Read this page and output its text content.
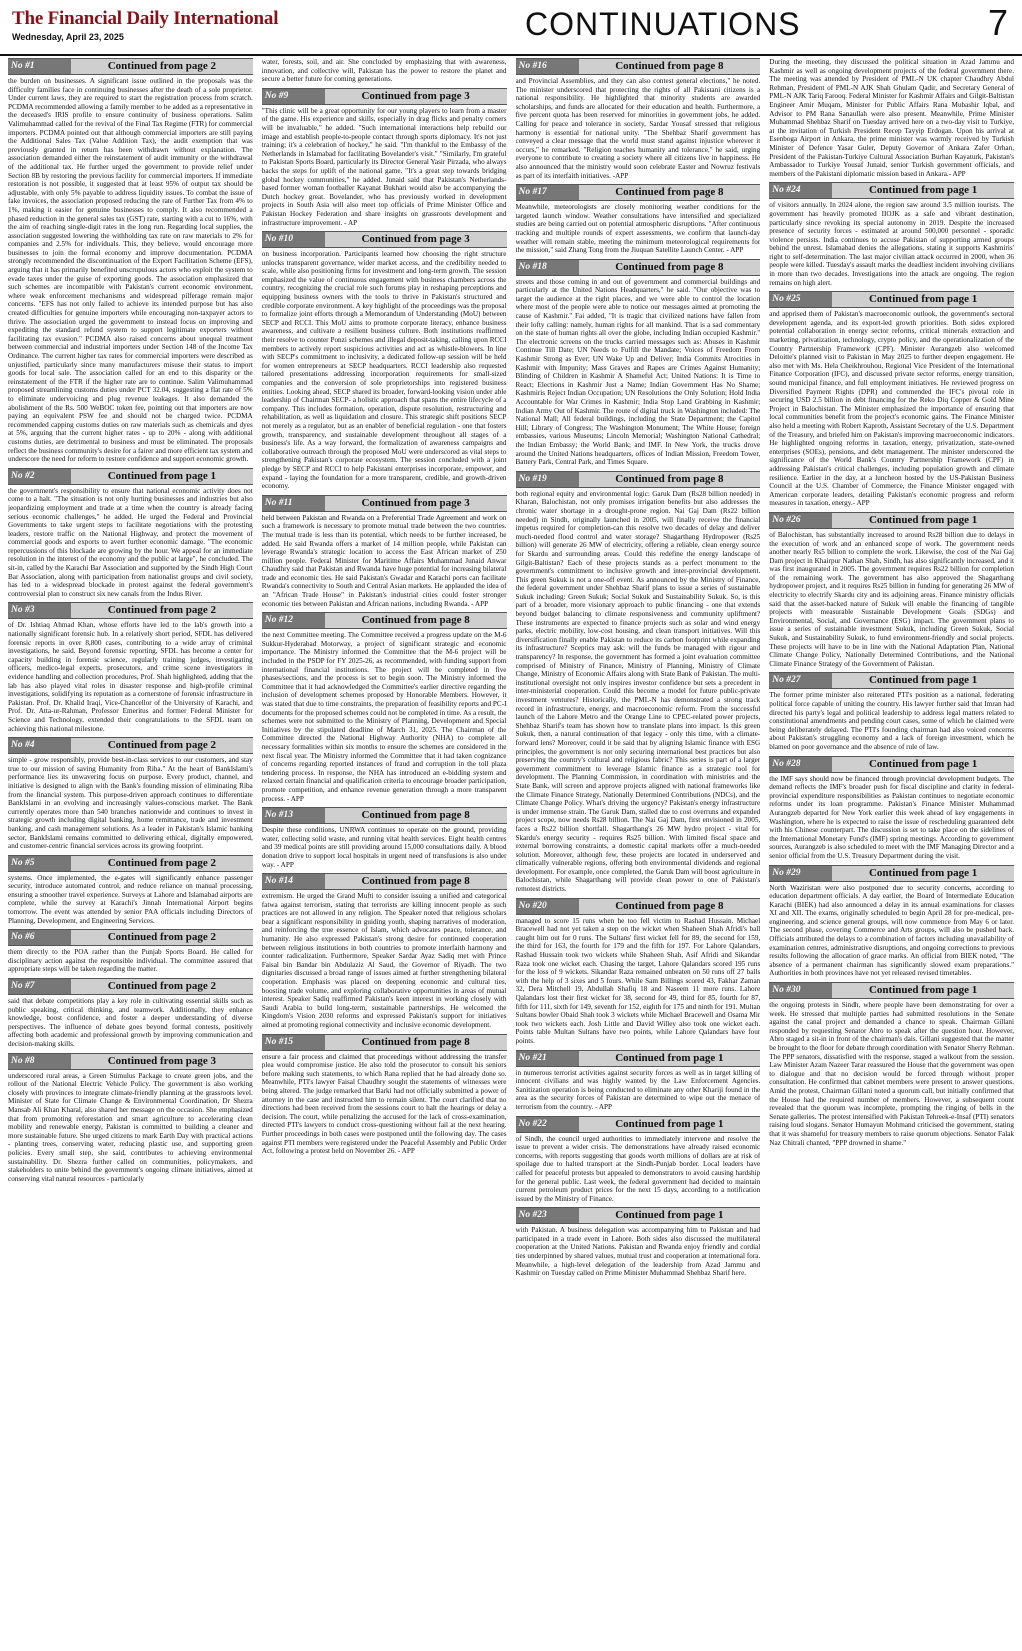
The Financial Daily International
Wednesday, April 23, 2025	CONTINUATIONS	7
No #1	Continued from page 2

the burden on businesses. A significant issue outlined in the proposals was the difficulty families face in continuing businesses after the death of a sole proprietor. Under current laws, they are required to start the registration process from scratch. PCDMA recommended allowing a family member to be added as a representative in the deceased's IRIS profile to ensure continuity of business operations. Salim Valimuhammad called for the revival of the Final Tax Regime (FTR) for commercial importers. PCDMA pointed out that although commercial importers are still paying the Additional Sales Tax (Value Addition Tax), the audit exemption that was previously granted in return has been withdrawn without explanation. The association demanded either the reinstatement of audit immunity or the withdrawal of the additional tax. He further urged the government to provide relief under Section 8B by restoring the previous facility for commercial importers. If immediate restoration is not possible, it suggested that at least 95% of output tax should be adjustable, with only 5% payable to address liquidity issues. To combat the issue of fake invoices, the association proposed reducing the rate of Further Tax from 4% to 1%, making it easier for genuine businesses to comply. It also recommended a phased reduction in the general sales tax (GST) rate, starting with a cut to 16%, with the aim of reaching single-digit rates in the long run. Regarding local supplies, the association suggested lowering the withholding tax rate on raw materials to 2% for companies and 2.5% for individuals. This, they believe, would encourage more businesses to join the formal economy and improve documentation. PCDMA strongly recommended the discontinuation of the Export Facilitation Scheme (EFS), arguing that it has primarily benefited unscrupulous actors who exploit the system to evade taxes under the guise of exporting goods. The association emphasized that such schemes are incompatible with Pakistan's current economic environment, where weak enforcement mechanisms and widespread pilferage remain major concerns. "EFS has not only failed to achieve its intended purpose but has also created difficulties for genuine importers while encouraging non-taxpayer actors to thrive. The association urged the government to instead focus on improving and expediting the standard refund system to support legitimate exporters without facilitating tax evasion." PCDMA also raised concerns about unequal treatment between commercial and industrial importers under Section 148 of the Income Tax Ordinance. The current higher tax rates for commercial importers were described as unjustified, particularly since many manufacturers misuse their status to import goods for local sale. The association called for an end to this disparity or the reinstatement of the FTR if the higher rate are to continue. Salim Valimuhammad proposed streamlining customs duties under PCT 32.04, suggesting a flat rate of 5% to eliminate undervoicing and plug revenue leakages. It also demanded the abolishment of the Rs. 500 WeBOC token fee, pointing out that importers are now paying an equivalent PSW fee and should not be charged twice. PCDMA recommended capping customs duties on raw materials such as chemicals and dyes at 5%, arguing that the current higher rates - up to 20% - along with additional customs duties, are detrimental to business and must be eliminated. The proposals reflect the business community's desire for a fairer and more efficient tax system and underscore the need for reform to restore confidence and support economic growth.

No #2	Continued from page 1

the government's responsibility to ensure that national economic activity does not come to a halt. "The situation is not only hurting businesses and industries but also jeopardizing employment and trade at a time when the country is already facing serious economic challenges," he added. He urged the Federal and Provincial Governments to take urgent steps to facilitate negotiations with the protesting leaders, restore traffic on the National Highway, and protect the movement of commercial goods and exports to avert further economic damage. "The economic repercussions of this blockade are growing by the hour. We appeal for an immediate resolution in the interest of the economy and the public at large", he concluded. The sit-in, called by the Karachi Bar Association and supported by the Sindh High Court Bar Association, along with participation from nationalist groups and civil society, has led to a widespread blockade in protest against the federal government's controversial plan to construct six new canals from the Indus River.

No #3	Continued from page 2

of Dr. Ishtiaq Ahmad Khan, whose efforts have led to the lab's growth into a nationally significant forensic hub. In a relatively short period, SFDL has delivered forensic reports in over 8,800 cases, contributing to a wide array of criminal investigations, he said. Beyond forensic reporting, SFDL has become a center for capacity building in forensic science, regularly training judges, investigating officers, medico-legal experts, prosecutors, and crime scene investigators in evidence handling and collection procedures, Prof. Shah highlighted, adding that the lab has also played vital roles in disaster response and high-profile criminal investigations, solidifying its reputation as a cornerstone of forensic infrastructure in Pakistan. Prof. Dr. Khalid Iraqi, Vice-Chancellor of the University of Karachi, and Prof. Dr. Atta-ur-Rahman, Professor Emeritus and former Federal Minister for Science and Technology, extended their congratulations to the SFDL team on achieving this national milestone.

No #4	Continued from page 2

simple - grow responsibly, provide best-in-class services to our customers, and stay true to our mission of saving Humanity from Riba." At the heart of BankIslami's performance lies its unwavering focus on purpose. Every product, channel, and initiative is designed to align with the Bank's founding mission of eliminating Riba from the financial system. This purpose-driven approach continues to differentiate BankIslami in an evolving and increasingly values-conscious market. The Bank currently operates more than 540 branches nationwide and continues to invest in strategic growth including digital banking, home remittance, trade and investment banking, and cash management solutions. As a leader in Pakistan's Islamic banking sector, BankIslami remains committed to delivering ethical, digitally empowered, and customer-centric financial services across its growing footprint.

No #5	Continued from page 2

systems. Once implemented, the e-gates will significantly enhance passenger security, introduce automated control, and reduce reliance on manual processing, ensuring a smoother travel experience. Surveys at Lahore and Islamabad airports are complete, while the survey at Karachi's Jinnah International Airport begins tomorrow. The event was attended by senior PAA officials including Directors of Planning, Development, and Engineering Services.

No #6	Continued from page 2

them directly to the POA rather than the Punjab Sports Board. He called for disciplinary action against the responsible individual. The committee assured that appropriate steps will be taken regarding the matter.

No #7	Continued from page 2

said that debate competitions play a key role in cultivating essential skills such as public speaking, critical thinking, and teamwork. Additionally, they enhance knowledge, boost confidence, and foster a deeper understanding of diverse perspectives. The influence of debate goes beyond formal contests, positively affecting both academic and professional growth by improving communication and decision-making skills.

No #8	Continued from page 3

underscored rural areas, a Green Stimulus Package to create green jobs, and the rollout of the National Electric Vehicle Policy. The government is also working closely with provinces to integrate climate-friendly planning at the grassroots level. Minister of State for Climate Change & Environmental Coordination, Dr Shezra Mansab Ali Khan Kharal, also shared her message on the occasion. She emphasized that from promoting reforestation and smart agriculture to accelerating clean mobility and renewable energy, Pakistan is committed to building a cleaner and more sustainable future. She urged citizens to mark Earth Day with practical actions - planting trees, conserving water, reducing plastic use, and supporting green policies. Every small step, she said, contributes to achieving environmental sustainability. Dr. Shezra further called on communities, policymakers, and stakeholders to unite behind the government's ongoing climate initiatives, aimed at conserving vital natural resources - particularly

water, forests, soil, and air. She concluded by emphasizing that with awareness, innovation, and collective will, Pakistan has the power to restore the planet and secure a better future for coming generations.

No #9	Continued from page 3

"This clinic will be a great opportunity for our young players to learn from a master of the game. His experience and skills, especially in drag flicks and penalty corners will be invaluable," he added. "Such international interactions help rebuild our image and establish people-to-people contact through sports diplomacy. It's not just training; it's a celebration of hockey," he said. "I'm thankful to the Embassy of the Netherlands in Islamabad for facilitating Bovelander's visit." "Similarly, I'm grateful to Pakistan Sports Board, particularly its Director General Yasir Pirzada, who always backs the steps for uplift of the national game. "It's a great step towards bridging global hockey communities," he added. Junaid said that Pakistan's Netherlands-based former woman footballer Kayanat Bukhari would also be accompanying the Dutch hockey great. Bovelander, who has previously worked in development projects in South Asia will also meet top officials of Prime Minister Office and Pakistan Hockey Federation and share insights on grassroots development and infrastructure improvement. - AP

No #10	Continued from page 3

on business incorporation. Participants learned how choosing the right structure unlocks transparent governance, wider market access, and the credibility needed to scale, while also positioning firms for investment and long-term growth. The session emphasized the value of continuous engagement with business chambers across the country, recognizing the crucial role such forums play in reshaping perceptions and equipping business owners with the tools to thrive in Pakistan's structured and credible corporate environment. A key highlight of the proceedings was the proposal to formalize joint efforts through a Memorandum of Understanding (MoU) between SECP and RCCI. This MoU aims to promote corporate literacy, enhance business awareness, and cultivate a resilient business culture. Both institutions reaffirmed their resolve to counter Ponzi schemes and illegal deposit-taking, calling upon RCCI members to actively report suspicious activities and act as whistle-blowers. In line with SECP's commitment to inclusivity, a dedicated follow-up session will be held for women entrepreneurs at SECP headquarters. RCCI leadership also requested tailored presentations addressing incorporation requirements for small-sized companies and the conversion of sole proprietorships into registered business entities. Looking ahead, SECP shared its broader, forward-looking vision under able leadership of Chairman SECP- a holistic approach that spans the entire lifecycle of a company. This includes formation, operation, dispute resolution, restructuring and rehabilitation, as well as liquidation and closure. This strategic shift positions SECP not merely as a regulator, but as an enabler of beneficial regulation - one that fosters growth, transparency, and sustainable development throughout all stages of a business's life. As a way forward, the formalization of awareness campaigns and collaborative outreach through the proposed MoU were underscored as vital steps to strengthening Pakistan's corporate ecosystem. The session concluded with a joint pledge by SECP and RCCI to help Pakistani enterprises incorporate, empower, and expand - laying the foundation for a more transparent, credible, and growth-driven economy.

No #11	Continued from page 3

held between Pakistan and Rwanda on a Preferential Trade Agreement and work on such a framework is necessary to promote mutual trade between the two countries. The mutual trade is less than its potential, which needs to be further increased, he added. He said Rwanda offers a market of 14 million people, while Pakistan can leverage Rwanda's strategic location to access the East African market of 250 million people. Federal Minister for Maritime Affairs Muhammad Junaid Anwar Chaudhry said that Pakistan and Rwanda have huge potential for increasing bilateral trade and economic ties. He said Pakistan's Gwadar and Karachi ports can facilitate Rwanda's connectivity to South and Central Asian markets. He applauded the idea of an "African Trade House" in Pakistan's industrial cities could foster stronger economic ties between Pakistan and African nations, including Rwanda. - APP

No #12	Continued from page 8

the next Committee meeting. The Committee received a progress update on the M-6 Sukkur-Hyderabad Motorway, a project of significant strategic and economic importance. The Ministry informed the Committee that the M-6 project will be included in the PSDP for FY 2025-26, as recommended, with funding support from international financial institutions. The project will be completed in five phases/sections, and the process is set to begin soon. The Ministry informed the Committee that it had acknowledged the Committee's earlier directive regarding the inclusion of development schemes proposed by Honorable Members. However, it was stated that due to time constraints, the preparation of feasibility reports and PC-I documents for the proposed schemes could not be completed in time. As a result, the schemes were not submitted to the Ministry of Planning, Development and Special Initiatives by the stipulated deadline of March 31, 2025. The Chairman of the Committee directed the National Highway Authority (NHA) to complete all necessary formalities within six months to ensure the schemes are considered in the next fiscal year. The Ministry informed the Committee that it had taken cognizance of concerns regarding reported instances of fraud and corruption in the toll plaza tendering process. In response, the NHA has introduced an e-bidding system and relaxed certain financial and qualification criteria to encourage broader participation, promote competition, and enhance revenue generation through a more transparent process. - APP

No #13	Continued from page 8

Despite these conditions, UNRWA continues to operate on the ground, providing water, collecting solid waste, and running vital health services. Eight health centres and 39 medical points are still providing around 15,000 consultations daily. A blood donation drive to support local hospitals in urgent need of transfusions is also under way. - APP

No #14	Continued from page 8

extremism. He urged the Grand Mufti to consider issuing a unified and categorical fatwa against terrorism, stating that terrorists are killing innocent people as such practices are not allowed in any religion. The Speaker noted that religious scholars bear a significant responsibility in guiding youth, shaping narratives of moderation, and reinforcing the true essence of Islam, which advocates peace, tolerance, and humanity. He also expressed Pakistan's strong desire for continued cooperation between religious institutions in both countries to promote interfaith harmony and counter radicalization. Furthermore, Speaker Sardar Ayaz Sadiq met with Prince Faisal bin Bandar bin Abdulaziz Al Saud, the Governor of Riyadh. The two dignitaries discussed a broad range of issues aimed at further strengthening bilateral cooperation. Emphasis was placed on deepening economic and cultural ties, boosting trade volume, and exploring collaborative opportunities in areas of mutual interest. Speaker Sadiq reaffirmed Pakistan's keen interest in working closely with Saudi Arabia to build long-term, sustainable partnerships. He welcomed the Kingdom's Vision 2030 reforms and expressed Pakistan's support for initiatives aimed at promoting regional connectivity and inclusive economic development.

No #15	Continued from page 8

ensure a fair process and claimed that proceedings without addressing the transfer plea would compromise justice. He also told the prosecutor to consult his seniors before making such statements, to which Rana replied that he had already done so. Meanwhile, PTI's lawyer Faisal Chaudhry sought the statements of witnesses were being altered. The judge remarked that Barki had not officially submitted a power of attorney in the case and instructed him to remain silent. The court clarified that no directions had been received from the sessions court to halt the hearings or delay a decision. The court, while penalizing the accused for the lack of cross-examination, directed PTI's lawyers to conduct cross-questioning without fail at the next hearing. Further proceedings in both cases were postponed until the following day. The cases against PTI members were registered under the Peaceful Assembly and Public Order Act, following a protest held on November 26. - APP

No #16	Continued from page 8

and Provincial Assemblies, and they can also contest general elections," he noted. The minister underscored that protecting the rights of all Pakistani citizens is a national responsibility. He highlighted that minority students are awarded scholarships, and funds are allocated for their education and health. Furthermore, a five percent quota has been reserved for minorities in government jobs, he added. Calling for peace and tolerance in society, Sardar Yousaf stressed that religious harmony is essential for national unity. "The Shehbaz Sharif government has conveyed a clear message that the world must stand against injustice wherever it occurs," he remarked. "Religion teaches humanity and tolerance," he said, urging everyone to contribute to creating a society where all citizens live in happiness. He also announced that the ministry would soon celebrate Easter and Nowruz festivals as part of its interfaith initiatives. -APP

No #17	Continued from page 8

Meanwhile, meteorologists are closely monitoring weather conditions for the targeted launch window. Weather consultations have intensified and specialized studies are being carried out on potential atmospheric disruptions. "After continuous tracking and multiple rounds of expert assessments, we confirm that launch-day weather will remain stable, meeting the minimum meteorological requirements for the mission," said Zhang Tong from the Jiuquan Satellite Launch Center. - APP

No #18	Continued from page 8

streets and those coming in and out of government and commercial buildings and particularly at the United Nations Headquarters," he said. "Our objective was to target the audience at the right places, and we were able to control the location where most of the people were able to notice our messages aimed at promoting the cause of Kashmir." Fai added, "It is tragic that civilized nations have fallen from their lofty calling: namely, human rights for all mankind. That is a sad commentary on the state of human rights all over the globe, including Indian occupied Kashmir." The electronic screens on the trucks carried messages such as: Abuses in Kashmir Continue Till Date; UN Needs to Fulfill the Mandate; Voices of Freedom From Kashmir Strong as Ever; UN Wake Up and Deliver; India Commits Atrocities in Kashmir with Impunity; Mass Graves and Rapes are Crimes Against Humanity; Blinding of Children in Kashmir A Shameful Act; United Nations: It is Time to React; Elections in Kashmir Just a Name; Indian Government Has No Shame; Kashmiris Reject Indian Occupation; UN Resolutions the Only Solution; Hold India Accountable for War Crimes in Kashmir; India Stop Land Grabbing in Kashmir; Indian Army Out of Kashmir. The route of digital truck in Washington included: The National Mall; All federal buildings, including the State Department; the Capitol Hill; Library of Congress; The Washington Monument; The White House; foreign embassies, various Museums; Lincoln Memorial; Washington National Cathedral; the Indian Embassy; the World Bank; and IMF. In New York, the trucks drove around the United Nations headquarters, offices of Indian Mission, Freedom Tower, Battery Park, Central Park, and Times Square.

No #19	Continued from page 8

both regional equity and environmental logic: Garuk Dam (Rs28 billion needed) in Kharan, Balochistan, not only promises irrigation benefits but also addresses the chronic water shortage in a drought-prone region. Nai Gaj Dam (Rs22 billion needed) in Sindh, originally launched in 2005, will finally receive the financial impetus required for completion-can this resolve two decades of delay and deliver much-needed flood control and water storage? Shagarthang Hydropower (Rs25 billion) will generate 26 MW of electricity, offering a reliable, clean energy source for Skardu and surrounding areas. Could this redefine the energy landscape of Gilgit-Baltistan? Each of these projects stands as a perfect monument to the government's commitment to inclusive growth and inter-provincial development. This green Sukuk is not a one-off event. As announced by the Ministry of Finance, the federal government under Shehbaz Sharif plans to issue a series of sustainable Sukuk including: Green Sukuk; Social Sukuk and Sustainability Sukuk. So, is this part of a broader, more visionary approach to public financing - one that extends beyond budget balancing to climate responsiveness and community upliftment? These instruments are expected to finance projects such as solar and wind energy parks, electric mobility, low-cost housing, and clean transport initiatives. Will this diversification finally enable Pakistan to reduce its carbon footprint while expanding its infrastructure? Sceptics may ask: will the funds be managed with rigour and transparency? In response, the government has formed a joint evaluation committee comprised of Ministry of Finance, Ministry of Planning, Ministry of Climate Change, Ministry of Economic Affairs along with State Bank of Pakistan. The multi-institutional oversight not only inspires investor confidence but sets a precedent in inter-ministerial cooperation. Could this become a model for future public-private investment ventures? Historically, the PML-N has demonstrated a strong track record in infrastructure, energy, and macroeconomic reform. From the successful launch of the Lahore Metro and the Orange Line to CPEC-related power projects, Shehbaz Sharif's team has shown how to translate plans into impact. Is this green Sukuk, then, a natural continuation of that legacy - only this time, with a climate-forward lens? Moreover, could it be said that by aligning Islamic finance with ESG principles, the government is not only securing international best practices but also preserving the country's cultural and religious fabric? This series is part of a larger government commitment to leverage Islamic finance as a strategic tool for development. The Planning Commission, in coordination with ministries and the State Bank, will screen and approve projects aligned with national frameworks like the Climate Finance Strategy, Nationally Determined Contributions (NDCs), and the Climate Change Policy. What's driving the urgency? Pakistan's energy infrastructure is under immense strain. The Garuk Dam, stalled due to cost overruns and expanded project scope, now needs Rs28 billion. The Nai Gaj Dam, first envisioned in 2005, faces a Rs22 billion shortfall. Shagarthang's 26 MW hydro project - vital for Skardu's energy security - requires Rs25 billion. With limited fiscal space and external borrowing constraints, a domestic capital markets offer a much-needed solution. Moreover, although few, these projects are located in underserved and climatically vulnerable regions, offering both environmental dividends and regional development. For example, once completed, the Garuk Dam will boost agriculture in Balochistan, while Shagarthang will provide clean power to one of Pakistan's remotest districts.

No #20	Continued from page 8

managed to score 15 runs when he too fell victim to Rashad Hussain. Michael Bracewell had not yet taken a step on the wicket when Shaheen Shah Afridi's ball caught him out for 0 runs. The Sultans' first wicket fell for 89, the second for 159, the third for 163, the fourth for 179 and the fifth for 197. For Lahore Qalandars, Rashad Hussain took two wickets while Shaheen Shah, Asif Afridi and Sikandar Raza took one wicket each. Chasing the target, Lahore Qalandars scored 195 runs for the loss of 9 wickets. Sikandar Raza remained unbeaten on 50 runs off 27 balls with the help of 3 sixes and 5 fours. While Sam Billings scored 43, Fakhar Zaman 32, Dera Mitchell 19, Abdullah Shafiq 18 and Naseem 11 more runs. Lahore Qalandars lost their first wicket for 38, second for 49, third for 85, fourth for 87, fifth for 111, sixth for 149, seventh for 152, eighth for 175 and ninth for 191. Multan Sultans bowler Obaid Shah took 3 wickets while Michael Bracewell and Osama Mir took two wickets each. Josh Little and David Willey also took one wicket each. Points table Multan Sultans have two points, while Lahore Qalandars have four points.

No #21	Continued from page 1

in numerous terrorist activities against security forces as well as in target killing of innocent civilians and was highly wanted by the Law Enforcement Agencies. Sanitization operation is being conducted to eliminate any other Khariji found in the area as the security forces of Pakistan are determined to wipe out the menace of terrorism from the country. - APP

No #22	Continued from page 1

of Sindh, the council urged authorities to immediately intervene and resolve the issue to prevent a wider crisis. The demonstrations have already raised economic concerns, with reports suggesting that goods worth millions of dollars are at risk of spoilage due to halted transport at the Sindh-Punjab border. Local leaders have called for peaceful protests but appealed to demonstrators to avoid causing hardship for the general public. Last week, the federal government had decided to maintain current petroleum product prices for the next 15 days, according to a notification issued by the Ministry of Finance.

No #23	Continued from page 1

with Pakistan. A business delegation was accompanying him to Pakistan and had participated in a trade event in Lahore. Both sides also discussed the multilateral cooperation at the United Nations. Pakistan and Rwanda enjoy friendly and cordial ties underpinned by shared values, mutual trust and cooperation at international fora. Meanwhile, a high-level delegation of the leadership from Azad Jammu and Kashmir on Tuesday called on Prime Minister Muhammad Shehbaz Sharif here.

During the meeting, they discussed the political situation in Azad Jammu and Kashmir as well as ongoing development projects of the federal government there. The meeting was attended by President of PML-N UK chapter Chaudhry Abdul Rehman, President of PML-N AJK Shah Ghulam Qadir, and Secretary General of PML-N AJK Tariq Farooq. Federal Minister for Kashmir Affairs and Gilgit-Baltistan Engineer Amir Muqam, Minister for Public Affairs Rana Mubashir Iqbal, and Advisor to PM Rana Sanaullah were also present. Meanwhile, Prime Minister Muhammad Shehbaz Sharif on Tuesday arrived here on a two-day visit to Turkiye, at the invitation of Turkish President Recep Tayyip Erdogan. Upon his arrival at Esenboga Airport in Ankara, the prime minister was warmly received by Turkish Minister of Defence Yasar Guler, Deputy Governor of Ankara Zafer Orhan, President of the Pakistan-Turkiye Cultural Association Burhan Kayaturk, Pakistan's Ambassador to Turkiye Yousaf Junaid, senior Turkish government officials, and members of the Pakistani diplomatic mission based in Ankara.- APP

No #24	Continued from page 1

of visitors annually. In 2024 alone, the region saw around 3.5 million tourists. The government has heavily promoted IIOJK as a safe and vibrant destination, particularly since revoking its special autonomy in 2019. Despite the increased presence of security forces - estimated at around 500,000 personnel - sporadic violence persists. India continues to accuse Pakistan of supporting armed groups behind the unrest. Islamabad denies the allegations, stating it supports Kashmiris' right to self-determination. The last major civilian attack occurred in 2000, when 36 people were killed. Tuesday's assault marks the deadliest incident involving civilians in more than two decades. Investigations into the attack are ongoing. The region remains on high alert.

No #25	Continued from page 1

and apprised them of Pakistan's macroeconomic outlook, the government's sectoral development agenda, and its export-led growth priorities. Both sides explored potential collaboration in energy sector reforms, critical minerals extraction and marketing, privatization, technology, crypto policy, and the operationalization of the Country Partnership Framework (CPF). Minister Aurangzeb also welcomed Deloitte's planned visit to Pakistan in May 2025 to further deepen engagement. He also met with Ms. Hela Cheikhrouhou, Regional Vice President of the International Finance Corporation (IFC), and discussed private sector reforms, energy transition, sound municipal finance, and full employment initiatives. He reviewed progress on Diversified Payment Rights (DPR) and commended the IFC's pivotal role in securing USD 2.5 billion in debt financing for the Reko Diq Copper & Gold Mine Project in Balochistan. The Minister emphasized the importance of ensuring that local communities benefit from the project's economic gains. The Finance Minister also held a meeting with Robert Kaproth, Assistant Secretary of the U.S. Department of the Treasury, and briefed him on Pakistan's improving macroeconomic indicators. He highlighted ongoing reforms in taxation, energy, privatization, state-owned enterprises (SOEs), pensions, and debt management. The minister underscored the significance of the World Bank's Country Partnership Framework (CPF) in addressing Pakistan's critical challenges, including population growth and climate resilience. Earlier in the day, at a luncheon hosted by the US-Pakistan Business Council at the U.S. Chamber of Commerce, the Finance Minister engaged with American corporate leaders, detailing Pakistan's economic progress and reform measures in taxation, energy.- APP

No #26	Continued from page 1

of Balochistan, has substantially increased to around Rs28 billion due to delays in the execution of work and an enhanced scope of work. The government needs another nearly Rs5 billion to complete the work. Likewise, the cost of the Nai Gaj Dam project in Khairpur Nathan Shah, Sindh, has also significantly increased, and it was first inaugurated in 2005. The government requires Rs22 billion for completion of the remaining work. The government has also approved the Shagarthang hydropower project, and it requires Rs25 billion in funding for generating 26 MW of electricity to electrify Skardu city and its adjoining areas. Finance ministry officials said that the asset-backed nature of Sukuk will enable the financing of tangible projects with measurable Sustainable Development Goals (SDGs) and Environmental, Social, and Governance (ESG) impact. The government plans to issue a series of sustainable investment Sukuk, including Green Sukuk, Social Sukuk, and Sustainability Sukuk, to fund environment-friendly and social projects. These projects will have to be in line with the National Adaptation Plan, National Climate Change Policy, Nationally Determined Contributions, and the National Climate Finance Strategy of the Government of Pakistan.

No #27	Continued from page 1

The former prime minister also reiterated PTI's position as a national, federating political force capable of uniting the country. His lawyer further said that Imran had directed his party's legal and political leadership to address legal matters related to constitutional amendments and pending court cases, some of which he claimed were being deliberately delayed. The PTI's founding chairman had also voiced concerns about Pakistan's struggling economy and a lack of foreign investment, which he blamed on poor governance and the absence of rule of law.

No #28	Continued from page 1

the IMF says should now be financed through provincial development budgets. The demand reflects the IMF's broader push for fiscal discipline and clarity in federal-provincial expenditure responsibilities as Pakistan continues to negotiate economic reforms under its loan programme. Pakistan's Finance Minister Muhammad Aurangzeb departed for New York earlier this week ahead of key engagements in Washington, where he is expected to raise the issue of rescheduling guaranteed debt with his Chinese counterpart. The discussion is set to take place on the sidelines of the International Monetary Fund's (IMF) spring meetings. According to government sources, Aurangzeb is also scheduled to meet with the IMF Managing Director and a senior official from the U.S. Treasury Department during the visit.

No #29	Continued from page 1

North Waziristan were also postponed due to security concerns, according to education department officials. A day earlier, the Board of Intermediate Education Karachi (BIEK) had also announced a delay in its annual examinations for classes XI and XII. The exams, originally scheduled to begin April 28 for pre-medical, pre-engineering, and science general groups, will now commence from May 6 or later. The second phase, covering Commerce and Arts groups, will also be pushed back. Officials attributed the delays to a combination of factors including unavailability of examination centres, administrative disruptions, and ongoing corrections to previous results following the allocation of grace marks. An official from BIEK noted, "The absence of a permanent chairman has significantly slowed exam preparations." Authorities in both provinces have not yet released revised timetables.

No #30	Continued from page 1

the ongoing protests in Sindh, where people have been demonstrating for over a week. He stressed that multiple parties had submitted resolutions in the Senate against the canal project and demanded a chance to speak. Chairman Gillani responded by requesting Senator Abro to speak after the question hour. However, Abro staged a sit-in in front of the chairman's dais. Gillani suggested that the matter be brought to the floor for debate through coordination with Senator Sherry Rehman. The PPP senators, dissatisfied with the response, staged a walkout from the session. Law Minister Azam Nazeer Tarar reassured the House that the government was open to dialogue and that no decision would be forced through without proper consultation. He confirmed that cabinet members were present to answer questions. Amid the protest, Chairman Gillani noted a quorum call, but initially confirmed that the House had the required number of members. However, a subsequent count revealed that the quorum was incomplete, prompting the ringing of bells in the Senate galleries. The protest intensified with Pakistan Tehreek-e-Insaf (PTI) senators raising loud slogans. Senator Humayun Mohmand criticised the government, stating that it was shameful for treasury members to raise quorum objections. Senator Falak Naz Chitrali chanted, "PPP drowned in shame."
